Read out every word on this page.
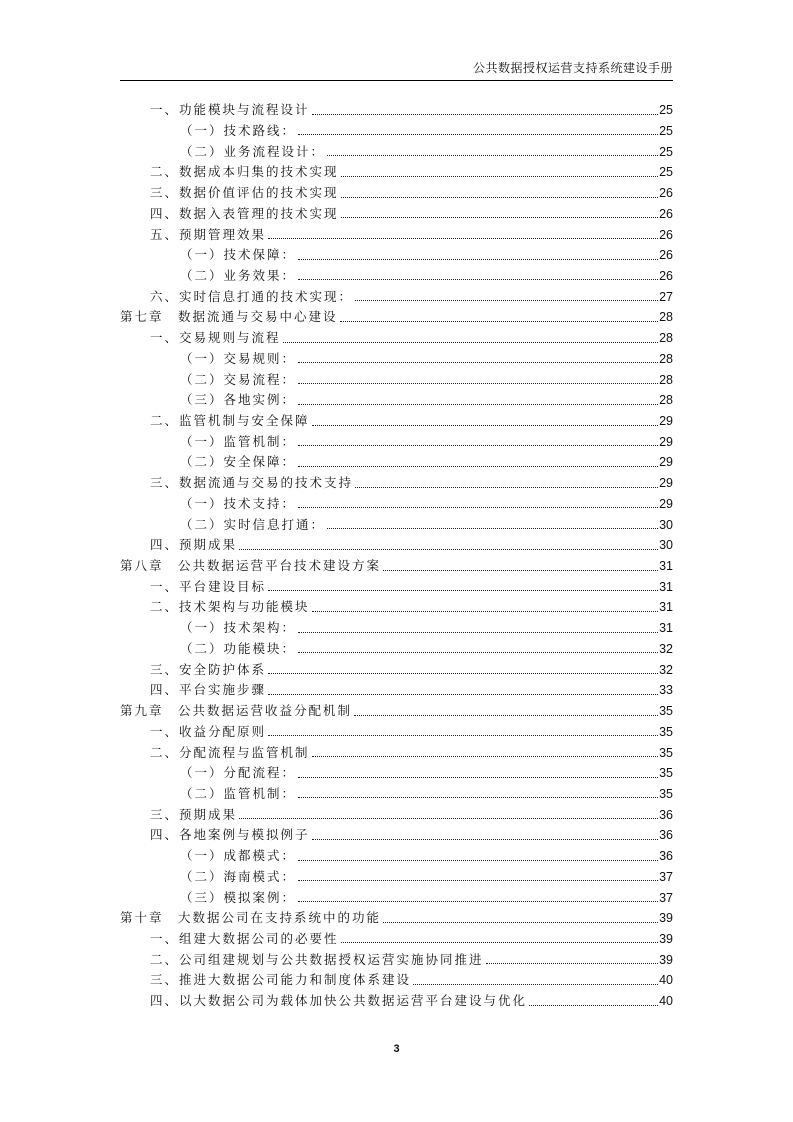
公共数据授权运营支持系统建设手册
一、功能模块与流程设计	25
（一）技术路线：	25
（二）业务流程设计：	25
二、数据成本归集的技术实现	25
三、数据价值评估的技术实现	26
四、数据入表管理的技术实现	26
五、预期管理效果	26
（一）技术保障：	26
（二）业务效果：	26
六、实时信息打通的技术实现：	27
第七章　数据流通与交易中心建设	28
一、交易规则与流程	28
（一）交易规则：	28
（二）交易流程：	28
（三）各地实例：	28
二、监管机制与安全保障	29
（一）监管机制：	29
（二）安全保障：	29
三、数据流通与交易的技术支持	29
（一）技术支持：	29
（二）实时信息打通：	30
四、预期成果	30
第八章　公共数据运营平台技术建设方案	31
一、平台建设目标	31
二、技术架构与功能模块	31
（一）技术架构：	31
（二）功能模块：	32
三、安全防护体系	32
四、平台实施步骤	33
第九章　公共数据运营收益分配机制	35
一、收益分配原则	35
二、分配流程与监管机制	35
（一）分配流程：	35
（二）监管机制：	35
三、预期成果	36
四、各地案例与模拟例子	36
（一）成都模式：	36
（二）海南模式：	37
（三）模拟案例：	37
第十章　大数据公司在支持系统中的功能	39
一、组建大数据公司的必要性	39
二、公司组建规划与公共数据授权运营实施协同推进	39
三、推进大数据公司能力和制度体系建设	40
四、以大数据公司为载体加快公共数据运营平台建设与优化	40
3
